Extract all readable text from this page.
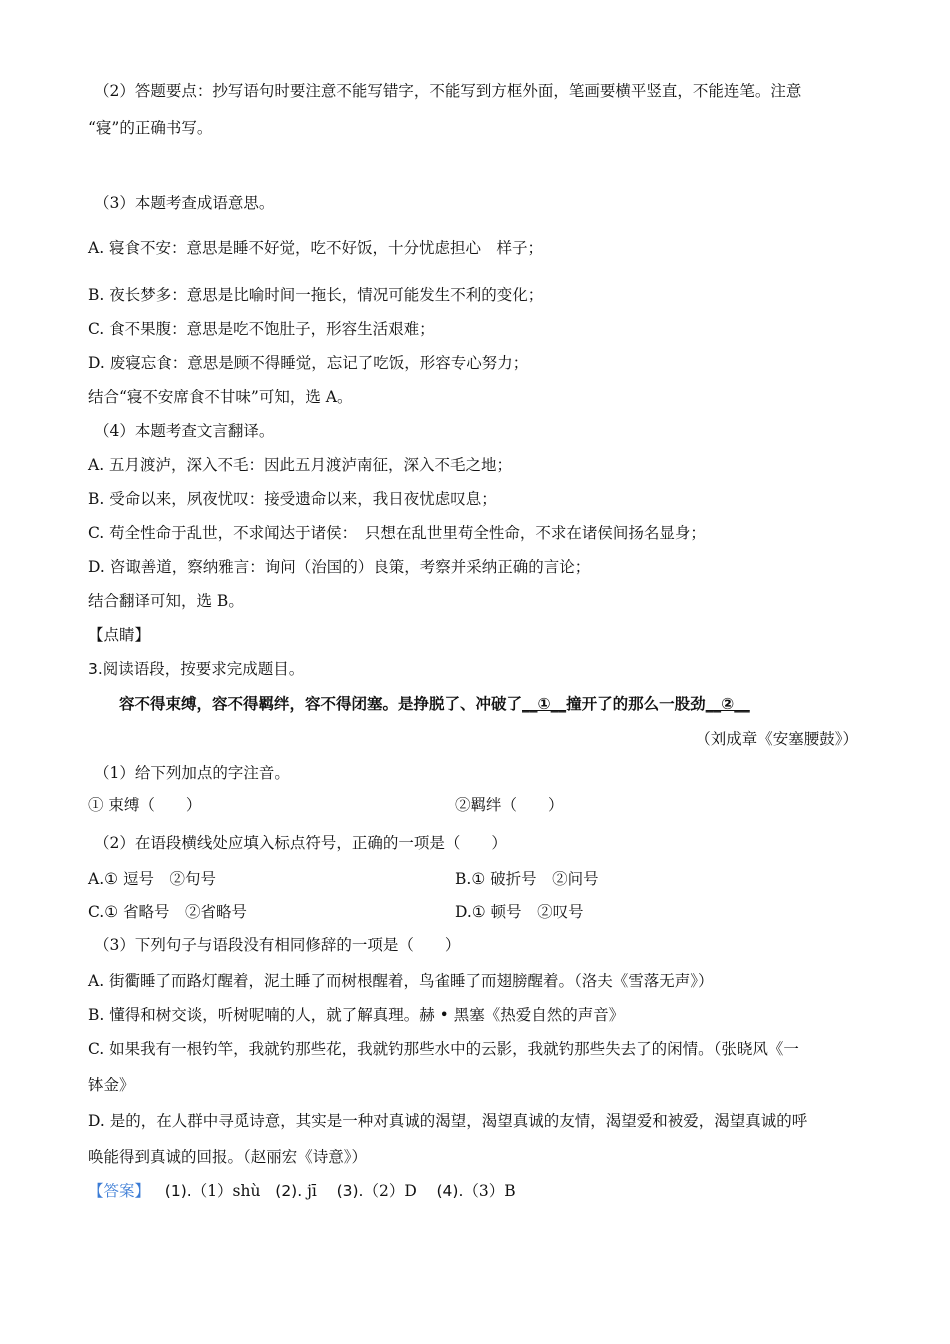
（2）答题要点：抄写语句时要注意不能写错字，不能写到方框外面，笔画要横平竖直，不能连笔。注意
“寝”的正确书写。
（3）本题考查成语意思。
A. 寝食不安：意思是睡不好觉，吃不好饭，十分忧虑担心　样子；
B. 夜长梦多：意思是比喻时间一拖长，情况可能发生不利的变化；
C. 食不果腹：意思是吃不饱肚子，形容生活艰难；
D. 废寝忘食：意思是顾不得睡觉，忘记了吃饭，形容专心努力；
结合“寝不安席食不甘味”可知，选 A。
（4）本题考查文言翻译。
A. 五月渡泸，深入不毛：因此五月渡泸南征，深入不毛之地；
B. 受命以来，夙夜忧叹：接受遗命以来，我日夜忧虑叹息；
C. 苟全性命于乱世，不求闻达于诸侯：　只想在乱世里苟全性命，不求在诸侯间扬名显身；
D. 咨诹善道，察纳雅言：询问（治国的）良策，考察并采纳正确的言论；
结合翻译可知，选 B。
【点睛】
3.阅读语段，按要求完成题目。
容不得束缚，容不得羁绊，容不得闭塞。是挣脱了、冲破了__①__撞开了的那么一股劲__②__
（刘成章《安塞腰鼓》）
（1）给下列加点的字注音。
① 束缚（　　）	②羁绊（　　）
（2）在语段横线处应填入标点符号，正确的一项是（　　）
A.① 逗号　②句号	B.① 破折号　②问号
C.① 省略号　②省略号	D.① 顿号　②叹号
（3）下列句子与语段没有相同修辞的一项是（　　）
A. 街衢睡了而路灯醒着，泥土睡了而树根醒着，鸟雀睡了而翅膀醒着。（洛夫《雪落无声》）
B. 懂得和树交谈，听树呢喃的人，就了解真理。赫 • 黑塞《热爱自然的声音》
C. 如果我有一根钓竿，我就钓那些花，我就钓那些水中的云影，我就钓那些失去了的闲情。（张晓风《一
钵金》
D. 是的，在人群中寻觅诗意，其实是一种对真诚的渴望，渴望真诚的友情，渴望爱和被爱，渴望真诚的呼
唤能得到真诚的回报。（赵丽宏《诗意》）
【答案】 (1).（1）shù (2). jī (3).（2）D (4).（3）B
